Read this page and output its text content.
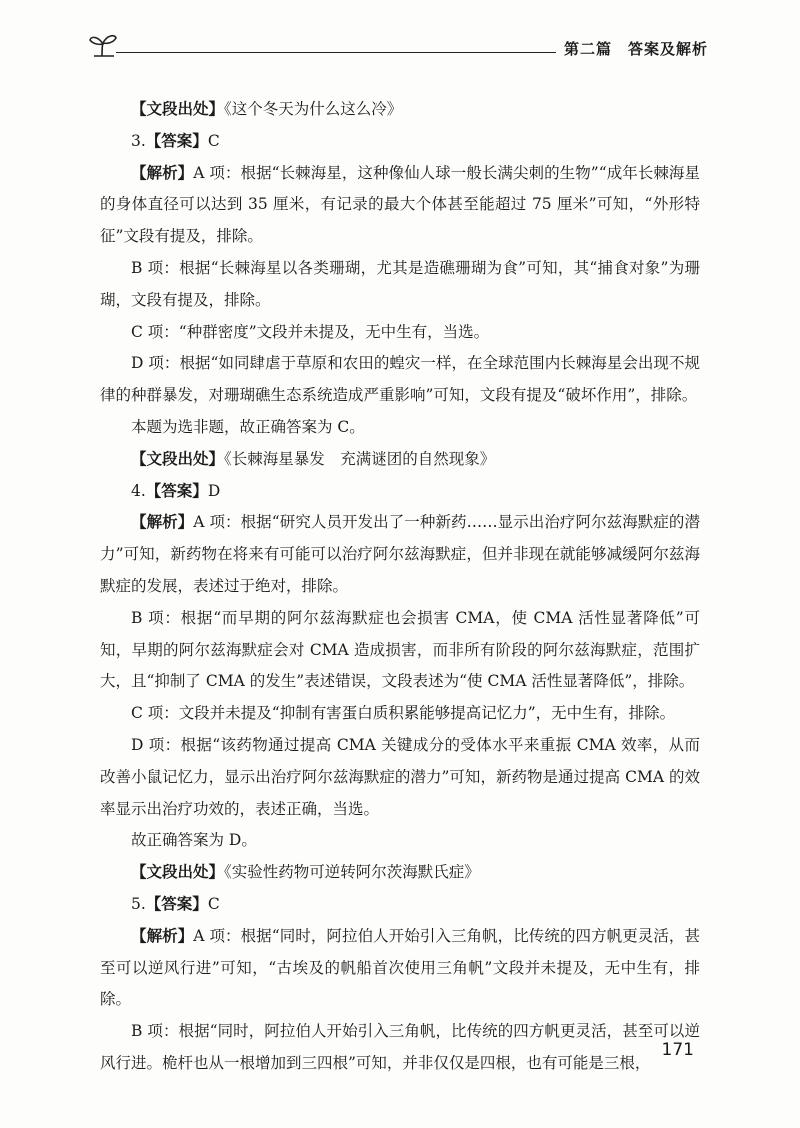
第二篇　答案及解析

【文段出处】《这个冬天为什么这么冷》

3.【答案】C

【解析】A 项：根据“长棘海星，这种像仙人球一般长满尖刺的生物”“成年长棘海星的身体直径可以达到 35 厘米，有记录的最大个体甚至能超过 75 厘米”可知，“外形特征”文段有提及，排除。

B 项：根据“长棘海星以各类珊瑚，尤其是造礁珊瑚为食”可知，其“捕食对象”为珊瑚，文段有提及，排除。

C 项：“种群密度”文段并未提及，无中生有，当选。

D 项：根据“如同肆虐于草原和农田的蝗灾一样，在全球范围内长棘海星会出现不规律的种群暴发，对珊瑚礁生态系统造成严重影响”可知，文段有提及“破坏作用”，排除。

本题为选非题，故正确答案为 C。

【文段出处】《长棘海星暴发　充满谜团的自然现象》

4.【答案】D

【解析】A 项：根据“研究人员开发出了一种新药……显示出治疗阿尔兹海默症的潜力”可知，新药物在将来有可能可以治疗阿尔兹海默症，但并非现在就能够减缓阿尔兹海默症的发展，表述过于绝对，排除。

B 项：根据“而早期的阿尔兹海默症也会损害 CMA，使 CMA 活性显著降低”可知，早期的阿尔兹海默症会对 CMA 造成损害，而非所有阶段的阿尔兹海默症，范围扩大，且“抑制了 CMA 的发生”表述错误，文段表述为“使 CMA 活性显著降低”，排除。

C 项：文段并未提及“抑制有害蛋白质积累能够提高记忆力”，无中生有，排除。

D 项：根据“该药物通过提高 CMA 关键成分的受体水平来重振 CMA 效率，从而改善小鼠记忆力，显示出治疗阿尔兹海默症的潜力”可知，新药物是通过提高 CMA 的效率显示出治疗功效的，表述正确，当选。

故正确答案为 D。

【文段出处】《实验性药物可逆转阿尔茨海默氏症》

5.【答案】C

【解析】A 项：根据“同时，阿拉伯人开始引入三角帆，比传统的四方帆更灵活，甚至可以逆风行进”可知，“古埃及的帆船首次使用三角帆”文段并未提及，无中生有，排除。

B 项：根据“同时，阿拉伯人开始引入三角帆，比传统的四方帆更灵活，甚至可以逆风行进。桅杆也从一根增加到三四根”可知，并非仅仅是四根，也有可能是三根，

171
